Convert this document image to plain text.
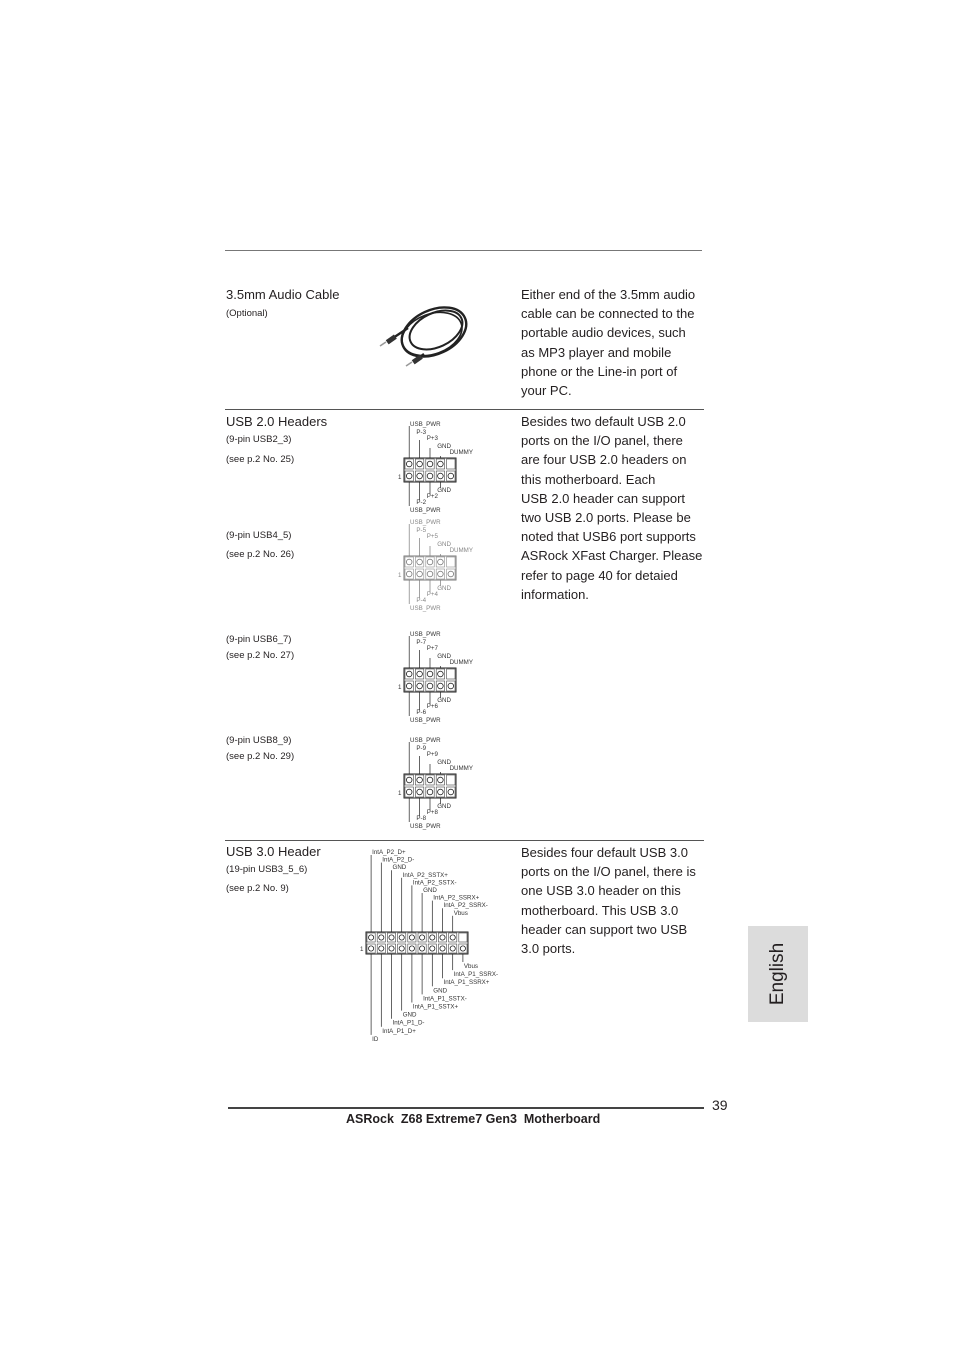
3.5mm Audio Cable
(Optional)
Either end of the 3.5mm audio
cable can be connected to the
portable audio devices, such
as MP3 player and mobile
phone or the Line-in port of
your PC.
USB 2.0 Headers
(9-pin USB2_3)
(see p.2 No. 25)
(9-pin USB4_5)
(see p.2 No. 26)
(9-pin USB6_7)
(see p.2 No. 27)
(9-pin USB8_9)
(see p.2 No. 29)
Besides two default USB 2.0
ports on the I/O panel, there
are four USB 2.0 headers on
this motherboard. Each
USB 2.0 header can support
two USB 2.0 ports. Please be
noted that USB6 port supports
ASRock XFast Charger. Please
refer to page 40 for detaied
information.
1
USB_PWR
P-3
P+3
GND
DUMMY
GND
P+2
P-2
USB_PWR
1
USB_PWR
P-5
P+5
GND
DUMMY
GND
P+4
P-4
USB_PWR
1
USB_PWR
P-7
P+7
GND
DUMMY
GND
P+6
P-6
USB_PWR
1
USB_PWR
P-9
P+9
GND
DUMMY
GND
P+8
P-8
USB_PWR
USB 3.0 Header
(19-pin USB3_5_6)
(see p.2 No. 9)
Besides four default USB 3.0
ports on the I/O panel, there is
one USB 3.0 header on this
motherboard. This USB 3.0
header can support two USB
3.0 ports.
1
IntA_P2_D+
IntA_P2_D-
GND
IntA_P2_SSTX+
IntA_P2_SSTX-
GND
IntA_P2_SSRX+
IntA_P2_SSRX-
Vbus
Vbus
IntA_P1_SSRX-
IntA_P1_SSRX+
GND
IntA_P1_SSTX-
IntA_P1_SSTX+
GND
IntA_P1_D-
IntA_P1_D+
ID
English
39
ASRock  Z68 Extreme7 Gen3  Motherboard
